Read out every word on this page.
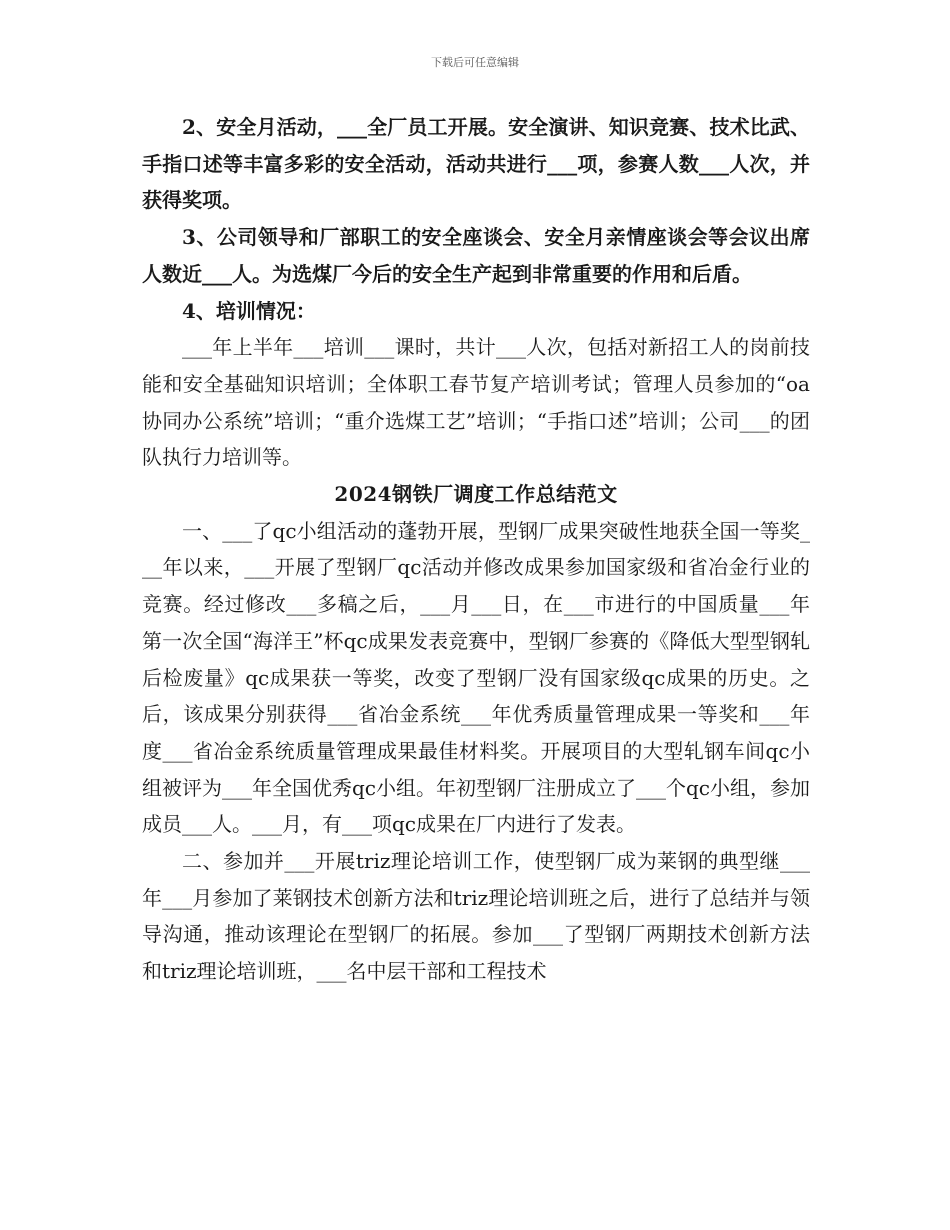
下载后可任意编辑

2、安全月活动，___全厂员工开展。安全演讲、知识竞赛、技术比武、手指口述等丰富多彩的安全活动，活动共进行___项，参赛人数___人次，并获得奖项。

3、公司领导和厂部职工的安全座谈会、安全月亲情座谈会等会议出席人数近___人。为选煤厂今后的安全生产起到非常重要的作用和后盾。

4、培训情况：

___年上半年___培训___课时，共计___人次，包括对新招工人的岗前技能和安全基础知识培训；全体职工春节复产培训考试；管理人员参加的“oa协同办公系统”培训；“重介选煤工艺”培训；“手指口述”培训；公司___的团队执行力培训等。

2024钢铁厂调度工作总结范文

一、___了qc小组活动的蓬勃开展，型钢厂成果突破性地获全国一等奖___年以来，___开展了型钢厂qc活动并修改成果参加国家级和省冶金行业的竞赛。经过修改___多稿之后，___月___日，在___市进行的中国质量___年第一次全国“海洋王”杯qc成果发表竞赛中，型钢厂参赛的《降低大型型钢轧后检废量》qc成果获一等奖，改变了型钢厂没有国家级qc成果的历史。之后，该成果分别获得___省冶金系统___年优秀质量管理成果一等奖和___年度___省冶金系统质量管理成果最佳材料奖。开展项目的大型轧钢车间qc小组被评为___年全国优秀qc小组。年初型钢厂注册成立了___个qc小组，参加成员___人。___月，有___项qc成果在厂内进行了发表。

二、参加并___开展triz理论培训工作，使型钢厂成为莱钢的典型继___年___月参加了莱钢技术创新方法和triz理论培训班之后，进行了总结并与领导沟通，推动该理论在型钢厂的拓展。参加___了型钢厂两期技术创新方法和triz理论培训班，___名中层干部和工程技术
